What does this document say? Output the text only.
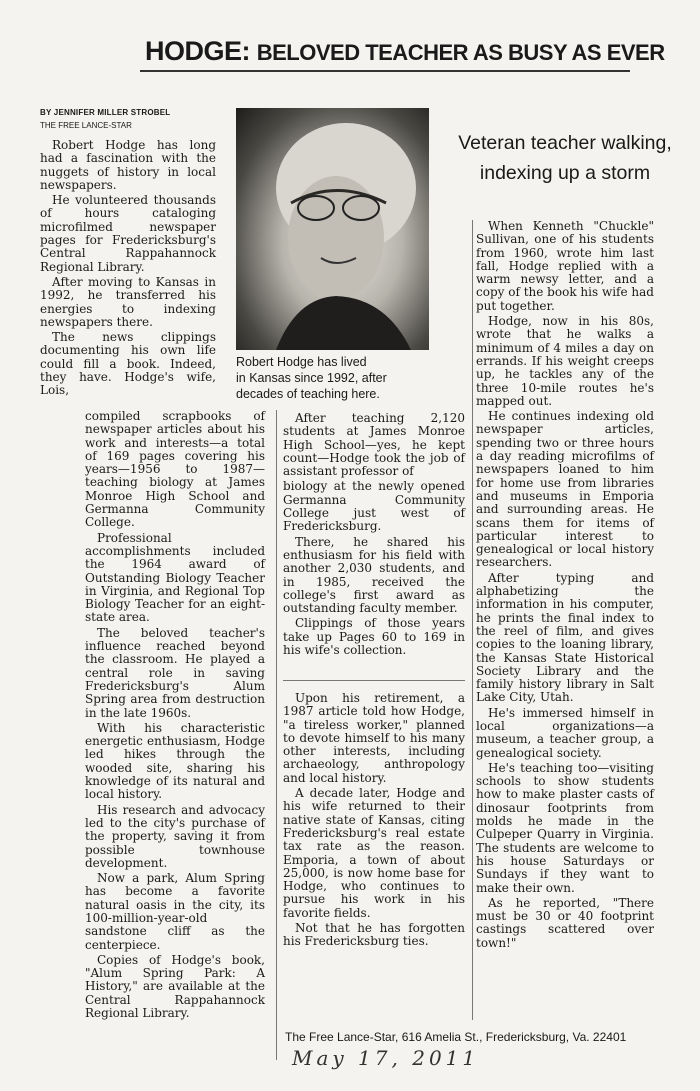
HODGE: BELOVED TEACHER AS BUSY AS EVER
BY JENNIFER MILLER STROBEL
THE FREE LANCE-STAR

Robert Hodge has long had a fascination with the nuggets of history in local newspapers.

He volunteered thousands of hours cataloging microfilmed newspaper pages for Fredericksburg's Central Rappahannock Regional Library.

After moving to Kansas in 1992, he transferred his energies to indexing newspapers there.

The news clippings documenting his own life could fill a book. Indeed, they have. Hodge's wife, Lois,

Robert Hodge has lived
in Kansas since 1992, after
decades of teaching here.
Veteran teacher walking,
indexing up a storm

compiled scrapbooks of newspaper articles about his work and interests—a total of 169 pages covering his years—1956 to 1987—teaching biology at James Monroe High School and Germanna Community College.

Professional accomplishments included the 1964 award of Outstanding Biology Teacher in Virginia, and Regional Top Biology Teacher for an eight-state area.

The beloved teacher's influence reached beyond the classroom. He played a central role in saving Fredericksburg's Alum Spring area from destruction in the late 1960s.

With his characteristic energetic enthusiasm, Hodge led hikes through the wooded site, sharing his knowledge of its natural and local history.

His research and advocacy led to the city's purchase of the property, saving it from possible townhouse development.

Now a park, Alum Spring has become a favorite natural oasis in the city, its 100-million-year-old sandstone cliff as the centerpiece.

Copies of Hodge's book, "Alum Spring Park: A History," are available at the Central Rappahannock Regional Library.

After teaching 2,120 students at James Monroe High School—yes, he kept count—Hodge took the job of assistant professor of

biology at the newly opened Germanna Community College just west of Fredericksburg.

There, he shared his enthusiasm for his field with another 2,030 students, and in 1985, received the college's first award as outstanding faculty member.

Clippings of those years take up Pages 60 to 169 in his wife's collection.

Upon his retirement, a 1987 article told how Hodge, "a tireless worker," planned to devote himself to his many other interests, including archaeology, anthropology and local history.

A decade later, Hodge and his wife returned to their native state of Kansas, citing Fredericksburg's real estate tax rate as the reason. Emporia, a town of about 25,000, is now home base for Hodge, who continues to pursue his work in his favorite fields.

Not that he has forgotten his Fredericksburg ties.

When Kenneth "Chuckle" Sullivan, one of his students from 1960, wrote him last fall, Hodge replied with a warm newsy letter, and a copy of the book his wife had put together.

Hodge, now in his 80s, wrote that he walks a minimum of 4 miles a day on errands. If his weight creeps up, he tackles any of the three 10-mile routes he's mapped out.

He continues indexing old newspaper articles, spending two or three hours a day reading microfilms of newspapers loaned to him for home use from libraries and museums in Emporia and surrounding areas. He scans them for items of particular interest to genealogical or local history researchers.

After typing and alphabetizing the information in his computer, he prints the final index to the reel of film, and gives copies to the loaning library, the Kansas State Historical Society Library and the family history library in Salt Lake City, Utah.

He's immersed himself in local organizations—a museum, a teacher group, a genealogical society.

He's teaching too—visiting schools to show students how to make plaster casts of dinosaur footprints from molds he made in the Culpeper Quarry in Virginia. The students are welcome to his house Saturdays or Sundays if they want to make their own.

As he reported, "There must be 30 or 40 footprint castings scattered over town!"

The Free Lance-Star, 616 Amelia St., Fredericksburg, Va. 22401
May 17, 2011
